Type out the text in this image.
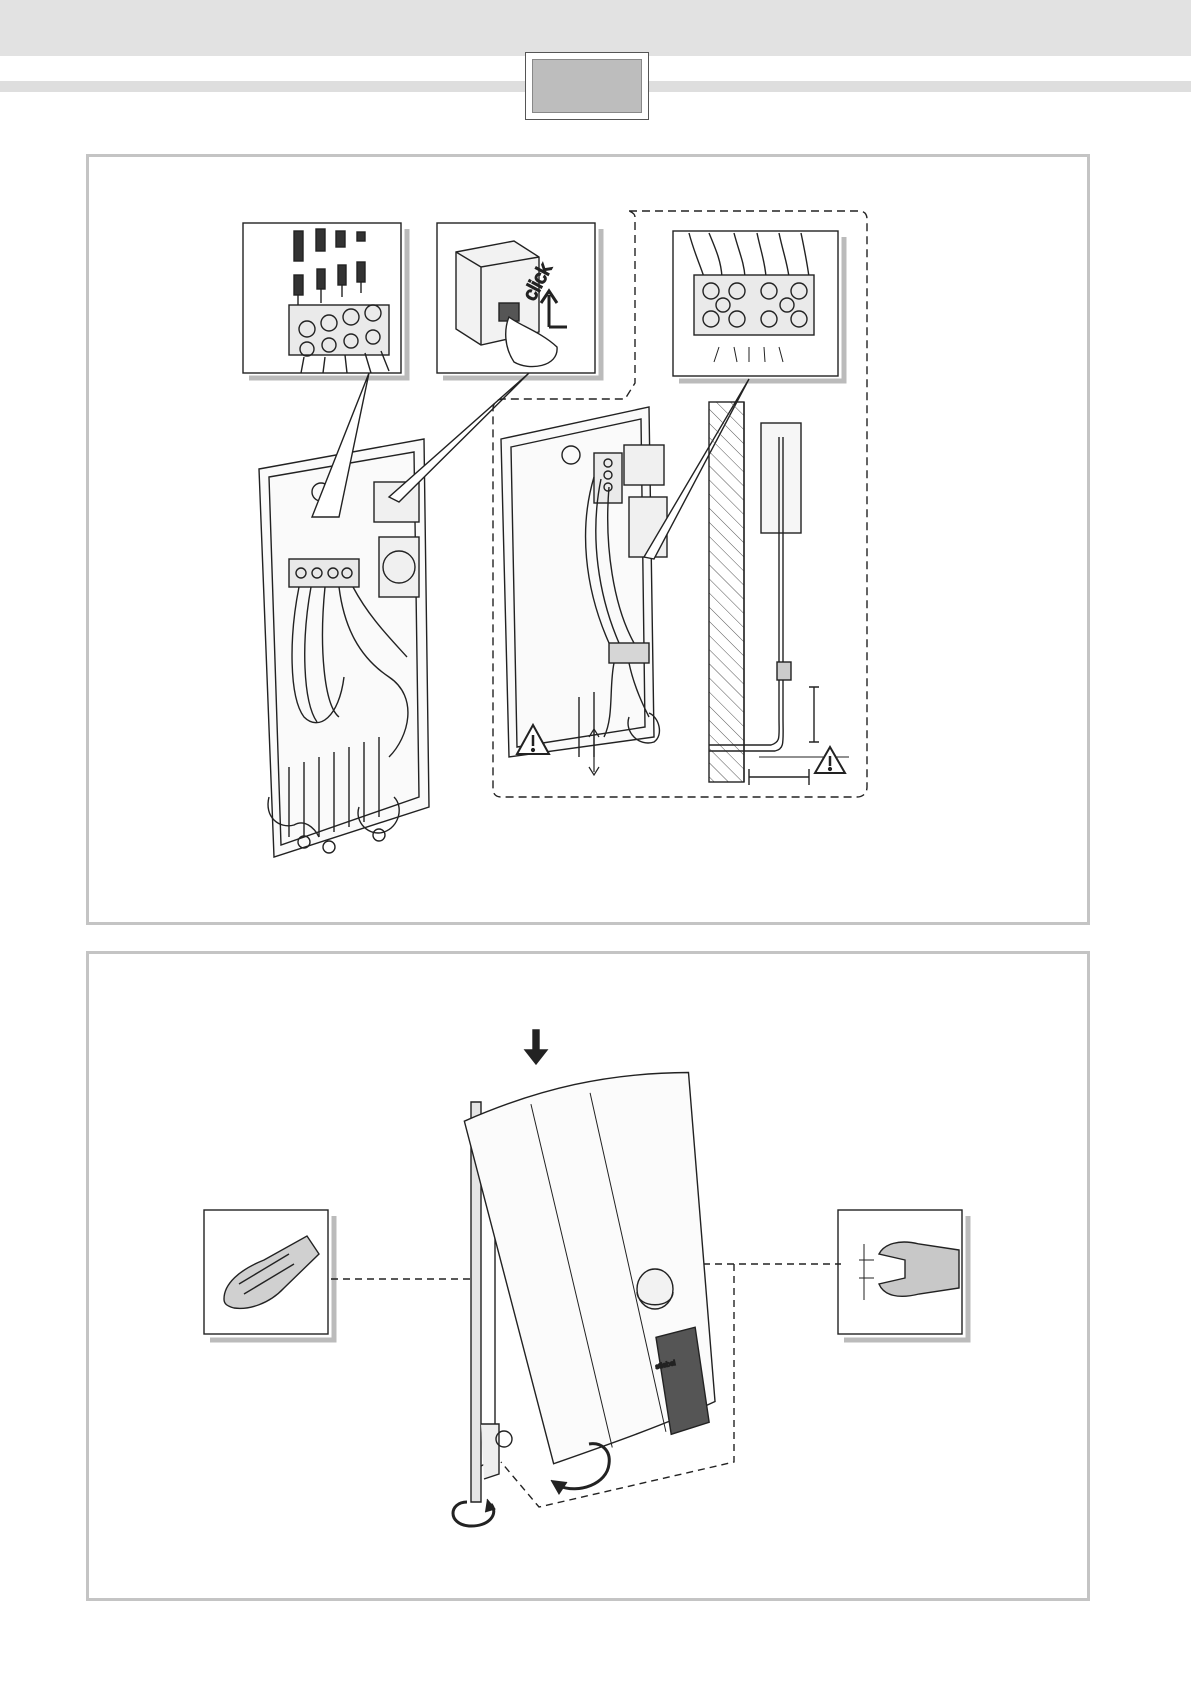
click
stiebel
